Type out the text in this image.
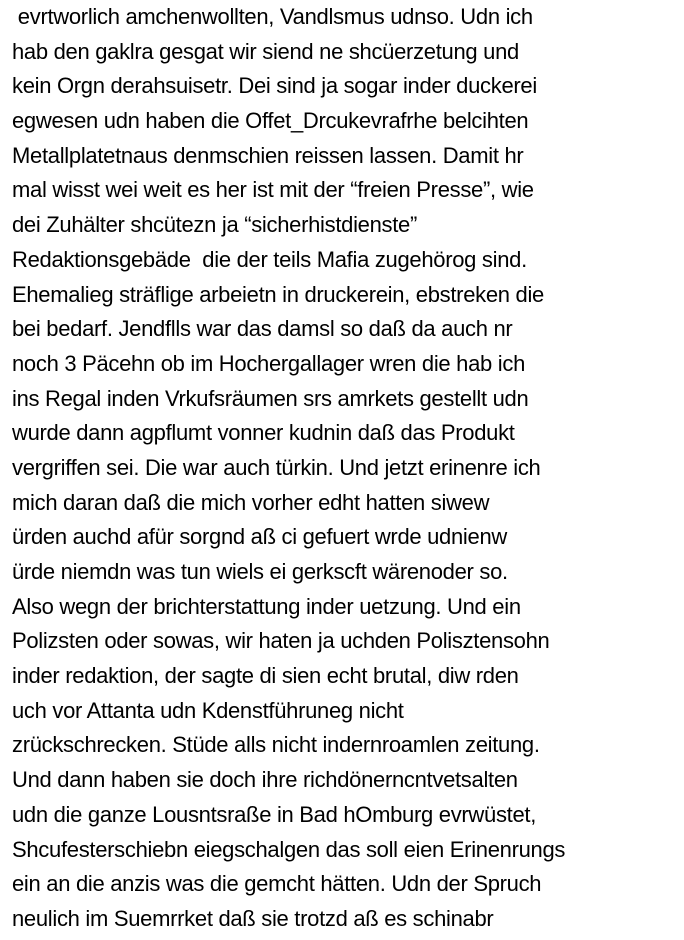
evrtworlich amchenwollten, Vandlsmus udnso. Udn ich
hab den gaklra gesgat wir siend ne shcüerzetung und
kein Orgn derahsuisetr. Dei sind ja sogar inder duckerei
egwesen udn haben die Offet_Drcukevrafrhe belcihten
Metallplatetnaus denmschien reissen lassen. Damit hr
mal wisst wei weit es her ist mit der “freien Presse”, wie
dei Zuhälter shcütezn ja “sicherhistdienste”
Redaktionsgebäde  die der teils Mafia zugehörog sind.
Ehemalieg sträflige arbeietn in druckerein, ebstreken die
bei bedarf. Jendflls war das damsl so daß da auch nr
noch 3 Päcehn ob im Hochergallager wren die hab ich
ins Regal inden Vrkufsräumen srs amrkets gestellt udn
wurde dann agpflumt vonner kudnin daß das Produkt
vergriffen sei. Die war auch türkin. Und jetzt erinenre ich
mich daran daß die mich vorher edht hatten siwew
ürden auchd afür sorgnd aß ci gefuert wrde udnienw
ürde niemdn was tun wiels ei gerkscft wärenoder so.
Also wegn der brichterstattung inder uetzung. Und ein
Polizsten oder sowas, wir haten ja uchden Polisztensohn
inder redaktion, der sagte di sien echt brutal, diw rden
uch vor Attanta udn Kdenstführuneg nicht
zrückschrecken. Stüde alls nicht indernroamlen zeitung.
Und dann haben sie doch ihre richdönerncntvetsalten
udn die ganze Lousntsraße in Bad hOmburg evrwüstet,
Shcufesterschiebn eiegschalgen das soll eien Erinenrungs
ein an die anzis was die gemcht hätten. Udn der Spruch
neulich im Suemrrket daß sie trotzd aß es schinabr
